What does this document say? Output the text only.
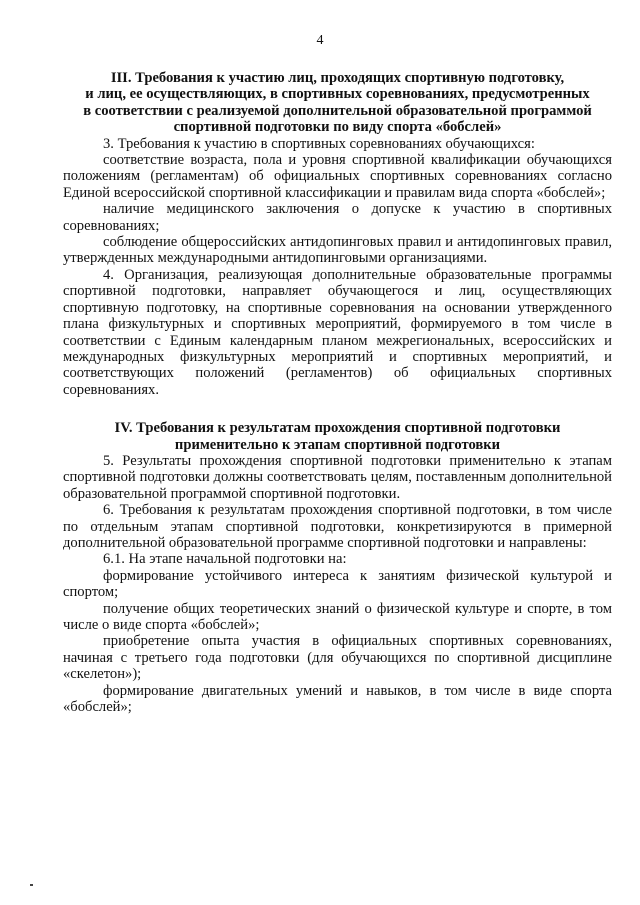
4
III. Требования к участию лиц, проходящих спортивную подготовку,
и лиц, ее осуществляющих, в спортивных соревнованиях, предусмотренных
в соответствии с реализуемой дополнительной образовательной программой
спортивной подготовки по виду спорта «бобслей»

3. Требования к участию в спортивных соревнованиях обучающихся:

соответствие возраста, пола и уровня спортивной квалификации обучающихся положениям (регламентам) об официальных спортивных соревнованиях согласно Единой всероссийской спортивной классификации и правилам вида спорта «бобслей»;

наличие медицинского заключения о допуске к участию в спортивных соревнованиях;

соблюдение общероссийских антидопинговых правил и антидопинговых правил, утвержденных международными антидопинговыми организациями.

4. Организация, реализующая дополнительные образовательные программы спортивной подготовки, направляет обучающегося и лиц, осуществляющих спортивную подготовку, на спортивные соревнования на основании утвержденного плана физкультурных и спортивных мероприятий, формируемого в том числе в соответствии с Единым календарным планом межрегиональных, всероссийских и международных физкультурных мероприятий и спортивных мероприятий, и соответствующих положений (регламентов) об официальных спортивных соревнованиях.

IV. Требования к результатам прохождения спортивной подготовки
применительно к этапам спортивной подготовки

5. Результаты прохождения спортивной подготовки применительно к этапам спортивной подготовки должны соответствовать целям, поставленным дополнительной образовательной программой спортивной подготовки.

6. Требования к результатам прохождения спортивной подготовки, в том числе по отдельным этапам спортивной подготовки, конкретизируются в примерной дополнительной образовательной программе спортивной подготовки и направлены:

6.1. На этапе начальной подготовки на:

формирование устойчивого интереса к занятиям физической культурой и спортом;

получение общих теоретических знаний о физической культуре и спорте, в том числе о виде спорта «бобслей»;

приобретение опыта участия в официальных спортивных соревнованиях, начиная с третьего года подготовки (для обучающихся по спортивной дисциплине «скелетон»);

формирование двигательных умений и навыков, в том числе в виде спорта «бобслей»;
